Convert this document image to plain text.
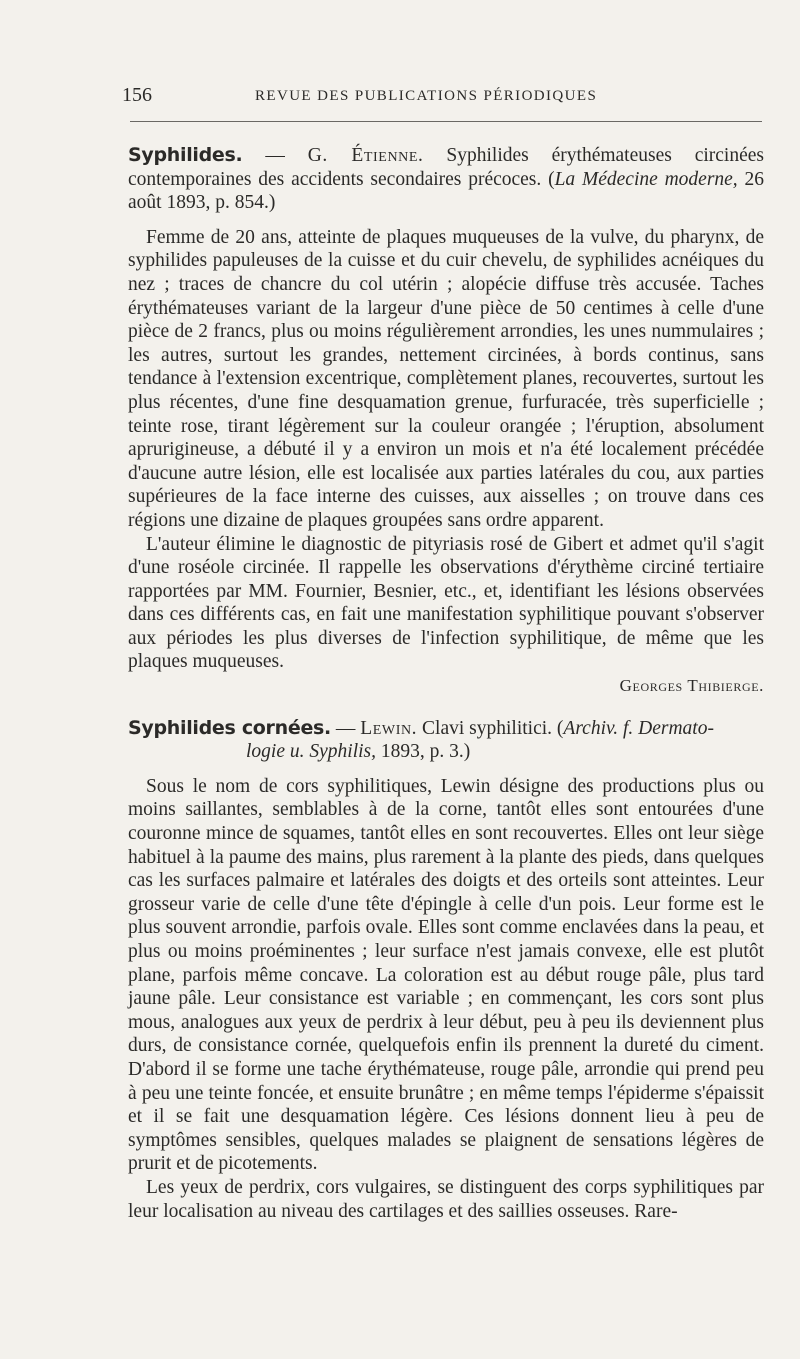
156	REVUE DES PUBLICATIONS PÉRIODIQUES

Syphilides. — G. Étienne. Syphilides érythémateuses circinées contemporaines des accidents secondaires précoces. (La Médecine moderne, 26 août 1893, p. 854.)

Femme de 20 ans, atteinte de plaques muqueuses de la vulve, du pharynx, de syphilides papuleuses de la cuisse et du cuir chevelu, de syphilides acnéiques du nez ; traces de chancre du col utérin ; alopécie diffuse très accusée. Taches érythémateuses variant de la largeur d'une pièce de 50 centimes à celle d'une pièce de 2 francs, plus ou moins régulièrement arrondies, les unes nummulaires ; les autres, surtout les grandes, nettement circinées, à bords continus, sans tendance à l'extension excentrique, complètement planes, recouvertes, surtout les plus récentes, d'une fine desquamation grenue, furfuracée, très superficielle ; teinte rose, tirant légèrement sur la couleur orangée ; l'éruption, absolument aprurigineuse, a débuté il y a environ un mois et n'a été localement précédée d'aucune autre lésion, elle est localisée aux parties latérales du cou, aux parties supérieures de la face interne des cuisses, aux aisselles ; on trouve dans ces régions une dizaine de plaques groupées sans ordre apparent.

L'auteur élimine le diagnostic de pityriasis rosé de Gibert et admet qu'il s'agit d'une roséole circinée. Il rappelle les observations d'érythème circiné tertiaire rapportées par MM. Fournier, Besnier, etc., et, identifiant les lésions observées dans ces différents cas, en fait une manifestation syphilitique pouvant s'observer aux périodes les plus diverses de l'infection syphilitique, de même que les plaques muqueuses.

Georges Thibierge.

Syphilides cornées. — Lewin. Clavi syphilitici. (Archiv. f. Dermato-
logie u. Syphilis, 1893, p. 3.)

Sous le nom de cors syphilitiques, Lewin désigne des productions plus ou moins saillantes, semblables à de la corne, tantôt elles sont entourées d'une couronne mince de squames, tantôt elles en sont recouvertes. Elles ont leur siège habituel à la paume des mains, plus rarement à la plante des pieds, dans quelques cas les surfaces palmaire et latérales des doigts et des orteils sont atteintes. Leur grosseur varie de celle d'une tête d'épingle à celle d'un pois. Leur forme est le plus souvent arrondie, parfois ovale. Elles sont comme enclavées dans la peau, et plus ou moins proéminentes ; leur surface n'est jamais convexe, elle est plutôt plane, parfois même concave. La coloration est au début rouge pâle, plus tard jaune pâle. Leur consistance est variable ; en commençant, les cors sont plus mous, analogues aux yeux de perdrix à leur début, peu à peu ils deviennent plus durs, de consistance cornée, quelquefois enfin ils prennent la dureté du ciment. D'abord il se forme une tache érythémateuse, rouge pâle, arrondie qui prend peu à peu une teinte foncée, et ensuite brunâtre ; en même temps l'épiderme s'épaissit et il se fait une desquamation légère. Ces lésions donnent lieu à peu de symptômes sensibles, quelques malades se plaignent de sensations légères de prurit et de picotements.

Les yeux de perdrix, cors vulgaires, se distinguent des corps syphilitiques par leur localisation au niveau des cartilages et des saillies osseuses. Rare-
